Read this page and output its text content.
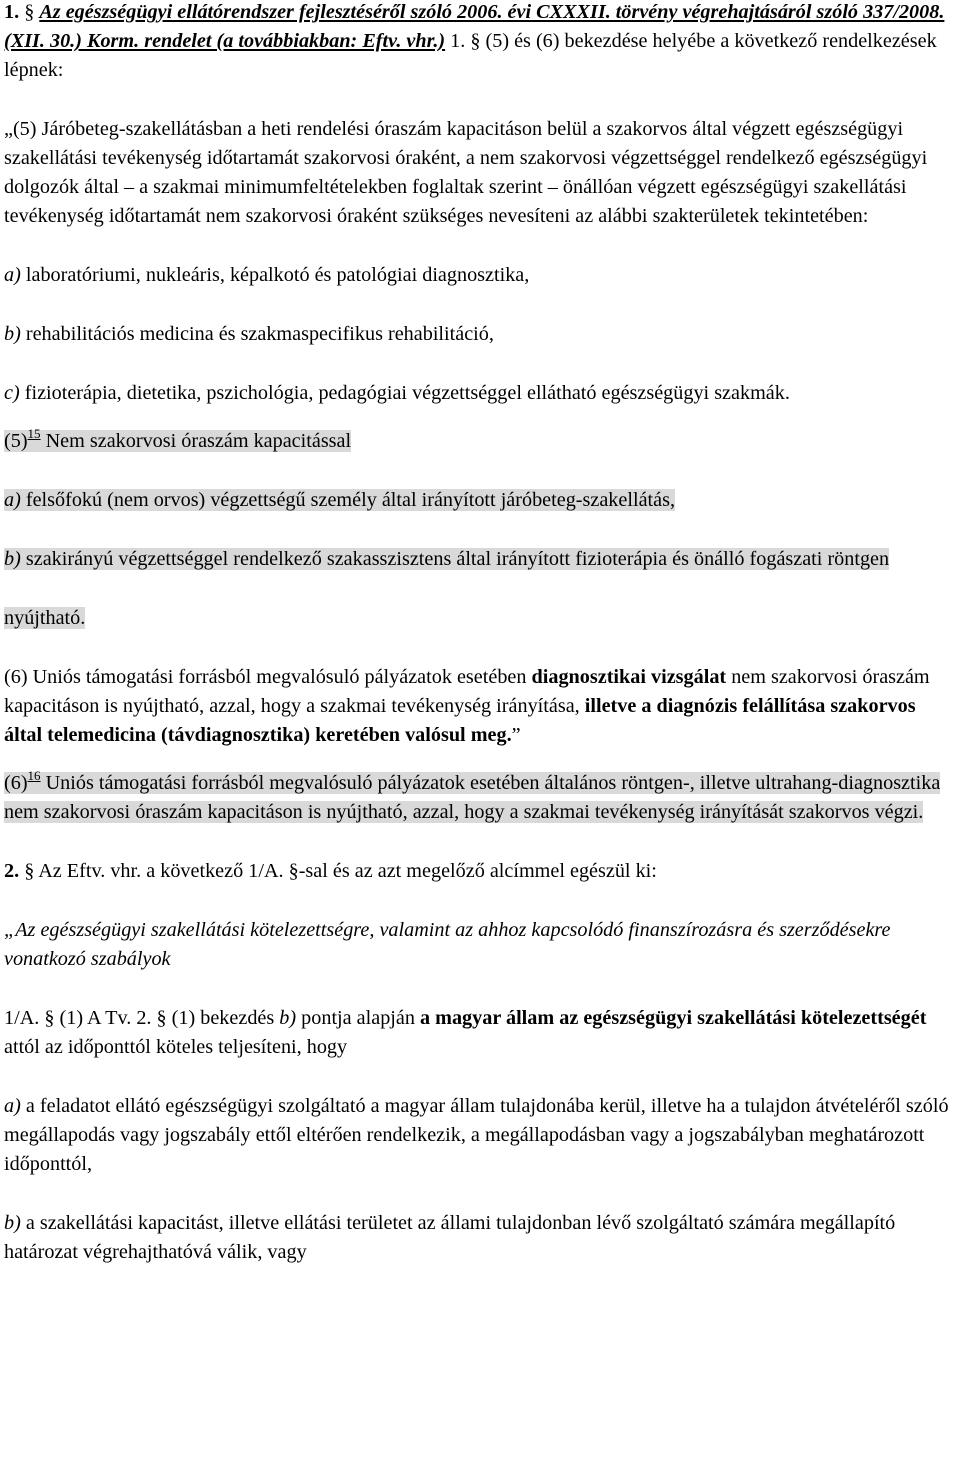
1. § Az egészségügyi ellátórendszer fejlesztéséről szóló 2006. évi CXXXII. törvény végrehajtásáról szóló 337/2008. (XII. 30.) Korm. rendelet (a továbbiakban: Eftv. vhr.) 1. § (5) és (6) bekezdése helyébe a következő rendelkezések lépnek:

„(5) Járóbeteg-szakellátásban a heti rendelési óraszám kapacitáson belül a szakorvos által végzett egészségügyi szakellátási tevékenység időtartamát szakorvosi óraként, a nem szakorvosi végzettséggel rendelkező egészségügyi dolgozók által – a szakmai minimumfeltételekben foglaltak szerint – önállóan végzett egészségügyi szakellátási tevékenység időtartamát nem szakorvosi óraként szükséges nevesíteni az alábbi szakterületek tekintetében:

a) laboratóriumi, nukleáris, képalkotó és patológiai diagnosztika,

b) rehabilitációs medicina és szakmaspecifikus rehabilitáció,

c) fizioterápia, dietetika, pszichológia, pedagógiai végzettséggel ellátható egészségügyi szakmák.

$(5)^{15}$ Nem szakorvosi óraszám kapacitással

a) felsőfokú (nem orvos) végzettségű személy által irányított járóbeteg-szakellátás,

b) szakirányú végzettséggel rendelkező szakasszisztens által irányított fizioterápia és önálló fogászati röntgen

nyújtható.

(6) Uniós támogatási forrásból megvalósuló pályázatok esetében diagnosztikai vizsgálat nem szakorvosi óraszám kapacitáson is nyújtható, azzal, hogy a szakmai tevékenység irányítása, illetve a diagnózis felállítása szakorvos által telemedicina (távdiagnosztika) keretében valósul meg.”

$(6)^{16}$ Uniós támogatási forrásból megvalósuló pályázatok esetében általános röntgen-, illetve ultrahang-diagnosztika nem szakorvosi óraszám kapacitáson is nyújtható, azzal, hogy a szakmai tevékenység irányítását szakorvos végzi.

2. § Az Eftv. vhr. a következő 1/A. §-sal és az azt megelőző alcímmel egészül ki:

„Az egészségügyi szakellátási kötelezettségre, valamint az ahhoz kapcsolódó finanszírozásra és szerződésekre vonatkozó szabályok

1/A. § (1) A Tv. 2. § (1) bekezdés b) pontja alapján a magyar állam az egészségügyi szakellátási kötelezettségét attól az időponttól köteles teljesíteni, hogy

a) a feladatot ellátó egészségügyi szolgáltató a magyar állam tulajdonába kerül, illetve ha a tulajdon átvételéről szóló megállapodás vagy jogszabály ettől eltérően rendelkezik, a megállapodásban vagy a jogszabályban meghatározott időponttól,

b) a szakellátási kapacitást, illetve ellátási területet az állami tulajdonban lévő szolgáltató számára megállapító határozat végrehajthatóvá válik, vagy
